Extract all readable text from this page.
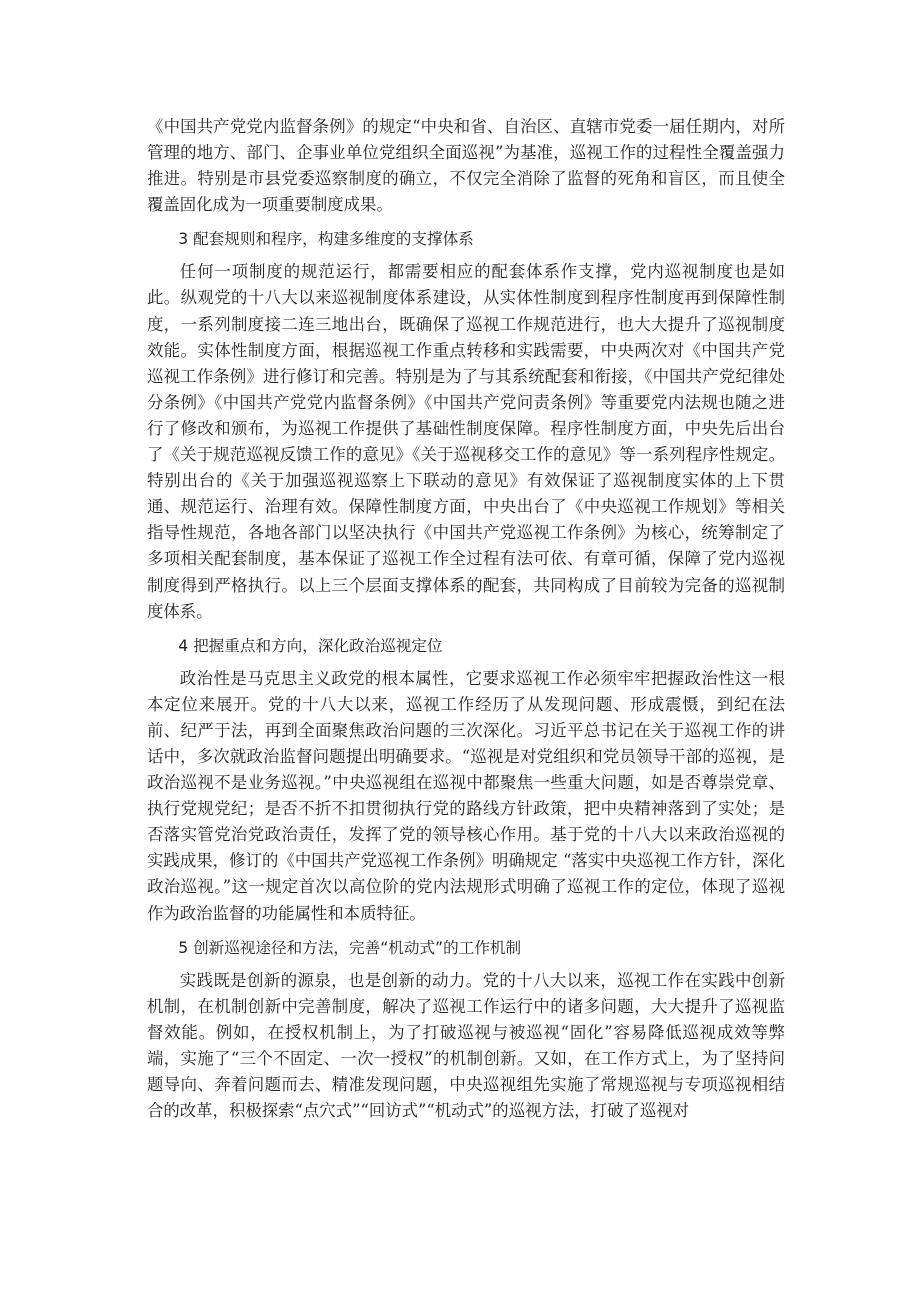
《中国共产党党内监督条例》的规定“中央和省、自治区、直辖市党委一届任期内，对所管理的地方、部门、企事业单位党组织全面巡视”为基准，巡视工作的过程性全覆盖强力推进。特别是市县党委巡察制度的确立，不仅完全消除了监督的死角和盲区，而且使全覆盖固化成为一项重要制度成果。

3 配套规则和程序，构建多维度的支撑体系

任何一项制度的规范运行，都需要相应的配套体系作支撑，党内巡视制度也是如此。纵观党的十八大以来巡视制度体系建设，从实体性制度到程序性制度再到保障性制度，一系列制度接二连三地出台，既确保了巡视工作规范进行，也大大提升了巡视制度效能。实体性制度方面，根据巡视工作重点转移和实践需要，中央两次对《中国共产党巡视工作条例》进行修订和完善。特别是为了与其系统配套和衔接，《中国共产党纪律处分条例》《中国共产党党内监督条例》《中国共产党问责条例》等重要党内法规也随之进行了修改和颁布，为巡视工作提供了基础性制度保障。程序性制度方面，中央先后出台了《关于规范巡视反馈工作的意见》《关于巡视移交工作的意见》等一系列程序性规定。特别出台的《关于加强巡视巡察上下联动的意见》有效保证了巡视制度实体的上下贯通、规范运行、治理有效。保障性制度方面，中央出台了《中央巡视工作规划》等相关指导性规范，各地各部门以坚决执行《中国共产党巡视工作条例》为核心，统筹制定了多项相关配套制度，基本保证了巡视工作全过程有法可依、有章可循，保障了党内巡视制度得到严格执行。以上三个层面支撑体系的配套，共同构成了目前较为完备的巡视制度体系。

4 把握重点和方向，深化政治巡视定位

政治性是马克思主义政党的根本属性，它要求巡视工作必须牢牢把握政治性这一根本定位来展开。党的十八大以来，巡视工作经历了从发现问题、形成震慑，到纪在法前、纪严于法，再到全面聚焦政治问题的三次深化。习近平总书记在关于巡视工作的讲话中，多次就政治监督问题提出明确要求。“巡视是对党组织和党员领导干部的巡视，是政治巡视不是业务巡视。”中央巡视组在巡视中都聚焦一些重大问题，如是否尊崇党章、执行党规党纪；是否不折不扣贯彻执行党的路线方针政策，把中央精神落到了实处；是否落实管党治党政治责任，发挥了党的领导核心作用。基于党的十八大以来政治巡视的实践成果，修订的《中国共产党巡视工作条例》明确规定 “落实中央巡视工作方针，深化政治巡视。”这一规定首次以高位阶的党内法规形式明确了巡视工作的定位，体现了巡视作为政治监督的功能属性和本质特征。

5 创新巡视途径和方法，完善“机动式”的工作机制

实践既是创新的源泉，也是创新的动力。党的十八大以来，巡视工作在实践中创新机制，在机制创新中完善制度，解决了巡视工作运行中的诸多问题，大大提升了巡视监督效能。例如，在授权机制上，为了打破巡视与被巡视“固化”容易降低巡视成效等弊端，实施了“三个不固定、一次一授权”的机制创新。又如，在工作方式上，为了坚持问题导向、奔着问题而去、精准发现问题，中央巡视组先实施了常规巡视与专项巡视相结合的改革，积极探索“点穴式”“回访式”“机动式”的巡视方法，打破了巡视对
